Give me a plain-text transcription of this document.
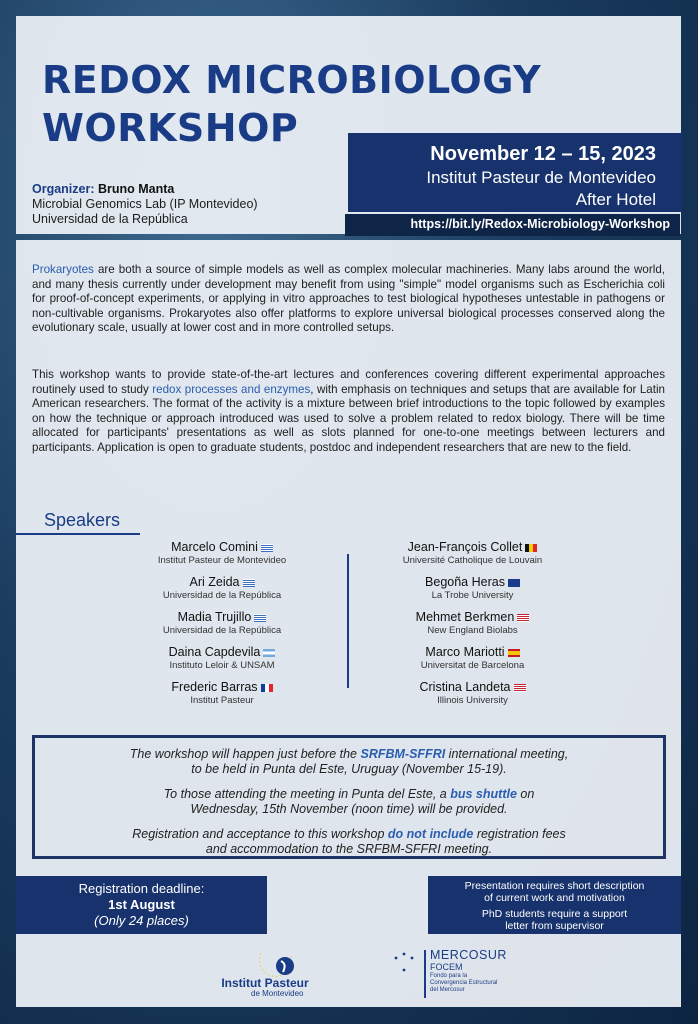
REDOX MICROBIOLOGY
WORKSHOP
November 12 – 15, 2023
Institut Pasteur de Montevideo
After Hotel
https://bit.ly/Redox-Microbiology-Workshop
Organizer: Bruno Manta
Microbial Genomics Lab (IP Montevideo)
Universidad de la República
Prokaryotes are both a source of simple models as well as complex molecular machineries. Many labs around the world, and many thesis currently under development may benefit from using "simple" model organisms such as Escherichia coli for proof-of-concept experiments, or applying in vitro approaches to test biological hypotheses untestable in pathogens or non-cultivable organisms. Prokaryotes also offer platforms to explore universal biological processes conserved along the evolutionary scale, usually at lower cost and in more controlled setups.
This workshop wants to provide state-of-the-art lectures and conferences covering different experimental approaches routinely used to study redox processes and enzymes, with emphasis on techniques and setups that are available for Latin American researchers. The format of the activity is a mixture between brief introductions to the topic followed by examples on how the technique or approach introduced was used to solve a problem related to redox biology. There will be time allocated for participants' presentations as well as slots planned for one-to-one meetings between lecturers and participants. Application is open to graduate students, postdoc and independent researchers that are new to the field.
Speakers
Marcelo Comini
Institut Pasteur de Montevideo
Ari Zeida
Universidad de la República
Madia Trujillo
Universidad de la República
Daina Capdevila
Instituto Leloir & UNSAM
Frederic Barras
Institut Pasteur
Jean-François Collet
Université Catholique de Louvain
Begoña Heras
La Trobe University
Mehmet Berkmen
New England Biolabs
Marco Mariotti
Universitat de Barcelona
Cristina Landeta
Illinois University

The workshop will happen just before the SRFBM-SFFRI international meeting,
to be held in Punta del Este, Uruguay (November 15-19).

To those attending the meeting in Punta del Este, a bus shuttle on
Wednesday, 15th November (noon time) will be provided.

Registration and acceptance to this workshop do not include registration fees
and accommodation to the SRFBM-SFFRI meeting.

Registration deadline:
1st August
(Only 24 places)

Presentation requires short description
of current work and motivation

PhD students require a support
letter from supervisor

Institut Pasteur
de Montevideo
MERCOSUR
FOCEM
Fondo para la
Convergencia Estructural
del Mercosur
